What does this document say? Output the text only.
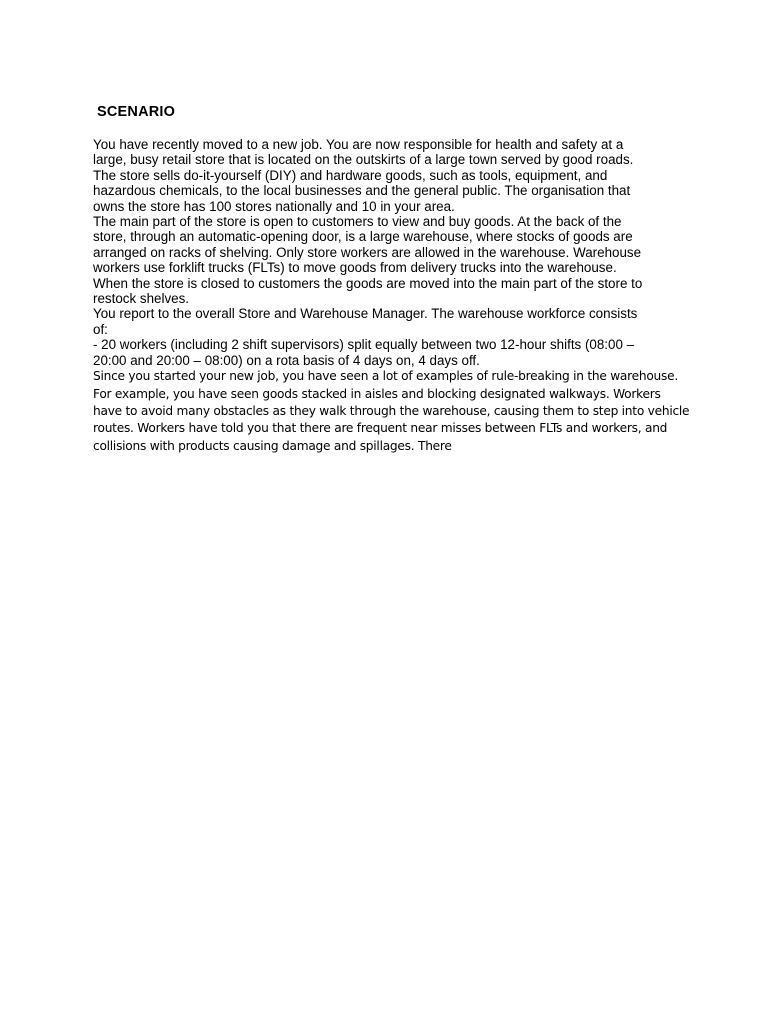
SCENARIO

You have recently moved to a new job. You are now responsible for health and safety at a
large, busy retail store that is located on the outskirts of a large town served by good roads.
The store sells do-it-yourself (DIY) and hardware goods, such as tools, equipment, and
hazardous chemicals, to the local businesses and the general public. The organisation that
owns the store has 100 stores nationally and 10 in your area.
The main part of the store is open to customers to view and buy goods. At the back of the
store, through an automatic-opening door, is a large warehouse, where stocks of goods are
arranged on racks of shelving. Only store workers are allowed in the warehouse. Warehouse
workers use forklift trucks (FLTs) to move goods from delivery trucks into the warehouse.
When the store is closed to customers the goods are moved into the main part of the store to
restock shelves.
You report to the overall Store and Warehouse Manager. The warehouse workforce consists
of:
- 20 workers (including 2 shift supervisors) split equally between two 12-hour shifts (08:00 –
20:00 and 20:00 – 08:00) on a rota basis of 4 days on, 4 days off.
Since you started your new job, you have seen a lot of examples of rule-breaking in the warehouse.
For example, you have seen goods stacked in aisles and blocking designated walkways. Workers
have to avoid many obstacles as they walk through the warehouse, causing them to step into vehicle
routes. Workers have told you that there are frequent near misses between FLTs and workers, and
collisions with products causing damage and spillages. There
